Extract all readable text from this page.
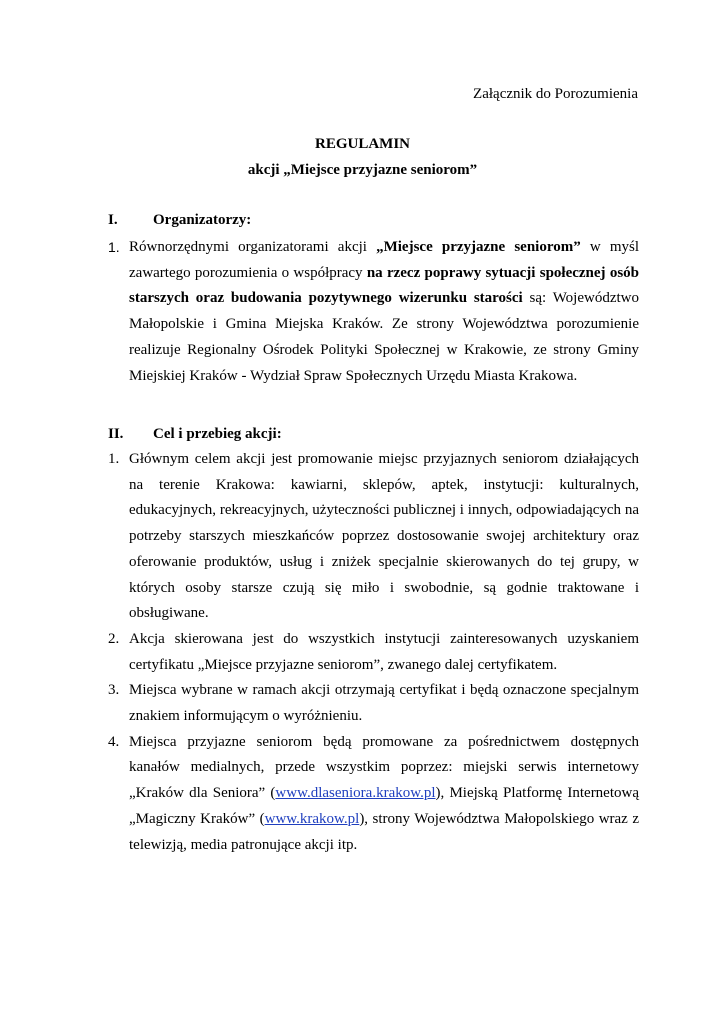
Załącznik do Porozumienia
REGULAMIN
akcji „Miejsce przyjazne seniorom”
I. Organizatorzy:
1. Równorzędnymi organizatorami akcji „Miejsce przyjazne seniorom” w myśl zawartego porozumienia o współpracy na rzecz poprawy sytuacji społecznej osób starszych oraz budowania pozytywnego wizerunku starości są: Województwo Małopolskie i Gmina Miejska Kraków. Ze strony Województwa porozumienie realizuje Regionalny Ośrodek Polityki Społecznej w Krakowie, ze strony Gminy Miejskiej Kraków - Wydział Spraw Społecznych Urzędu Miasta Krakowa.
II. Cel i przebieg akcji:
1. Głównym celem akcji jest promowanie miejsc przyjaznych seniorom działających na terenie Krakowa: kawiarni, sklepów, aptek, instytucji: kulturalnych, edukacyjnych, rekreacyjnych, użyteczności publicznej i innych, odpowiadających na potrzeby starszych mieszkańców poprzez dostosowanie swojej architektury oraz oferowanie produktów, usług i zniżek specjalnie skierowanych do tej grupy, w których osoby starsze czują się miło i swobodnie, są godnie traktowane i obsługiwane.
2. Akcja skierowana jest do wszystkich instytucji zainteresowanych uzyskaniem certyfikatu „Miejsce przyjazne seniorom”, zwanego dalej certyfikatem.
3. Miejsca wybrane w ramach akcji otrzymają certyfikat i będą oznaczone specjalnym znakiem informującym o wyróżnieniu.
4. Miejsca przyjazne seniorom będą promowane za pośrednictwem dostępnych kanałów medialnych, przede wszystkim poprzez: miejski serwis internetowy „Kraków dla Seniora” (www.dlaseniora.krakow.pl), Miejską Platformę Internetową „Magiczny Kraków” (www.krakow.pl), strony Województwa Małopolskiego wraz z telewizją, media patronujące akcji itp.
